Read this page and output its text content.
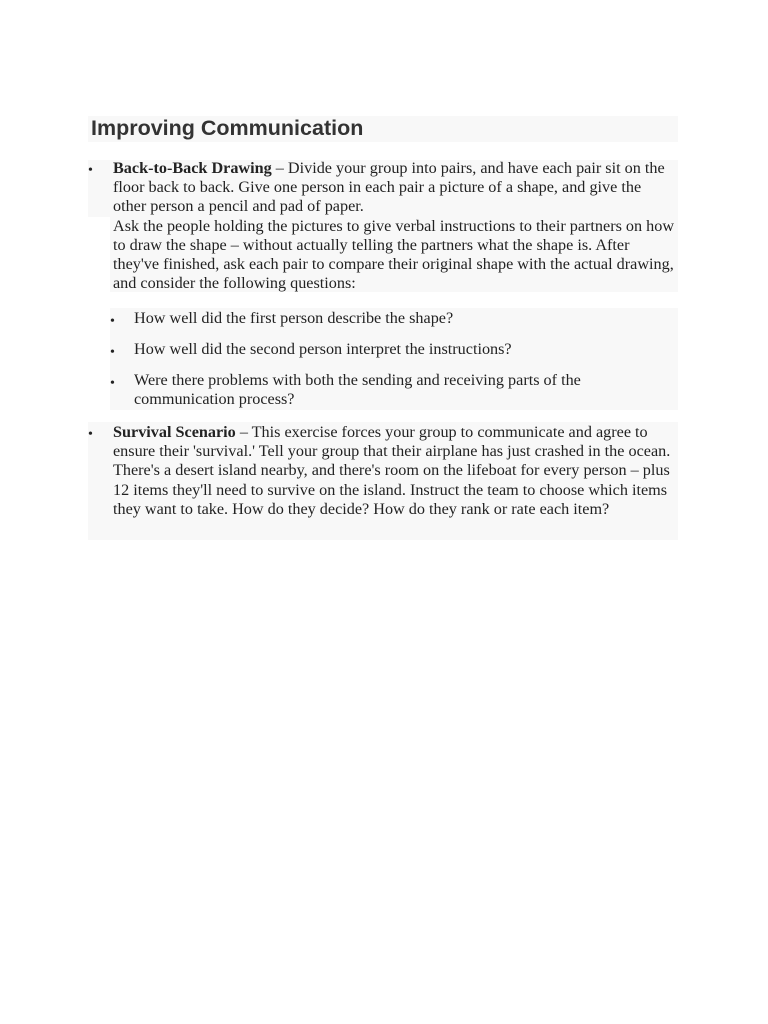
Improving Communication
• Back-to-Back Drawing – Divide your group into pairs, and have each pair sit on the floor back to back. Give one person in each pair a picture of a shape, and give the other person a pencil and pad of paper.

Ask the people holding the pictures to give verbal instructions to their partners on how to draw the shape – without actually telling the partners what the shape is. After they've finished, ask each pair to compare their original shape with the actual drawing, and consider the following questions:

• How well did the first person describe the shape?

• How well did the second person interpret the instructions?

• Were there problems with both the sending and receiving parts of the communication process?

• Survival Scenario – This exercise forces your group to communicate and agree to ensure their 'survival.' Tell your group that their airplane has just crashed in the ocean. There's a desert island nearby, and there's room on the lifeboat for every person – plus 12 items they'll need to survive on the island. Instruct the team to choose which items they want to take. How do they decide? How do they rank or rate each item?
